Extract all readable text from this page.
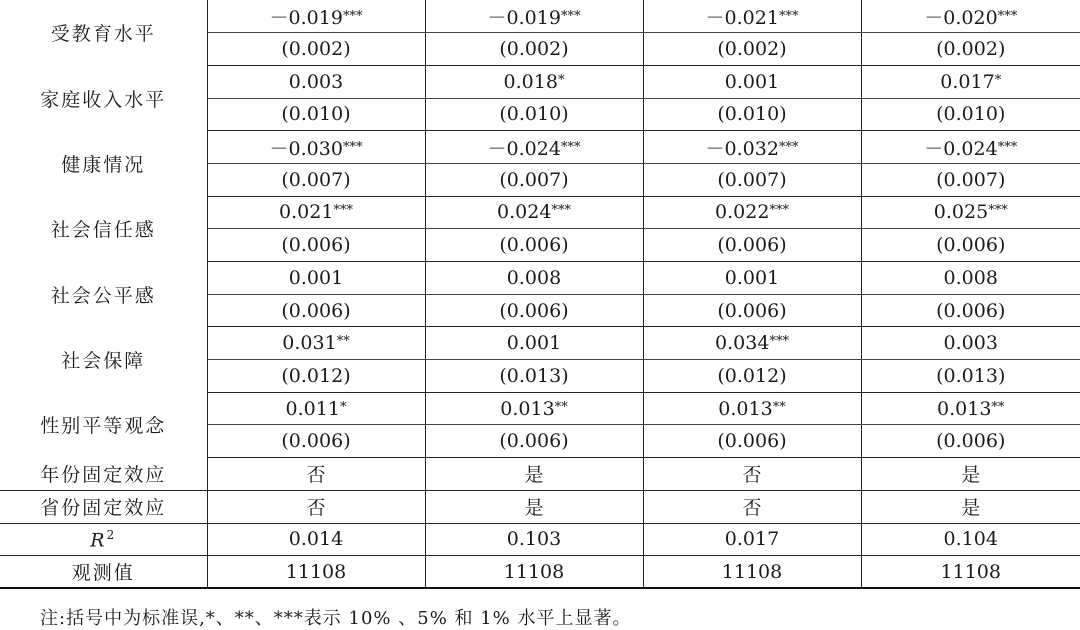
受教育水平	－0.019***	－0.019***	－0.021***	－0.020***
	(0.002)	(0.002)	(0.002)	(0.002)
家庭收入水平	0.003	0.018*	0.001	0.017*
	(0.010)	(0.010)	(0.010)	(0.010)
健康情况	－0.030***	－0.024***	－0.032***	－0.024***
	(0.007)	(0.007)	(0.007)	(0.007)
社会信任感	0.021***	0.024***	0.022***	0.025***
	(0.006)	(0.006)	(0.006)	(0.006)
社会公平感	0.001	0.008	0.001	0.008
	(0.006)	(0.006)	(0.006)	(0.006)
社会保障	0.031**	0.001	0.034***	0.003
	(0.012)	(0.013)	(0.012)	(0.013)
性别平等观念	0.011*	0.013**	0.013**	0.013**
	(0.006)	(0.006)	(0.006)	(0.006)
年份固定效应	否	是	否	是
省份固定效应	否	是	否	是
$R^2$	0.014	0.103	0.017	0.104
观测值	11108	11108	11108	11108
注:括号中为标准误,*、**、***表示 10% 、5% 和 1% 水平上显著。
